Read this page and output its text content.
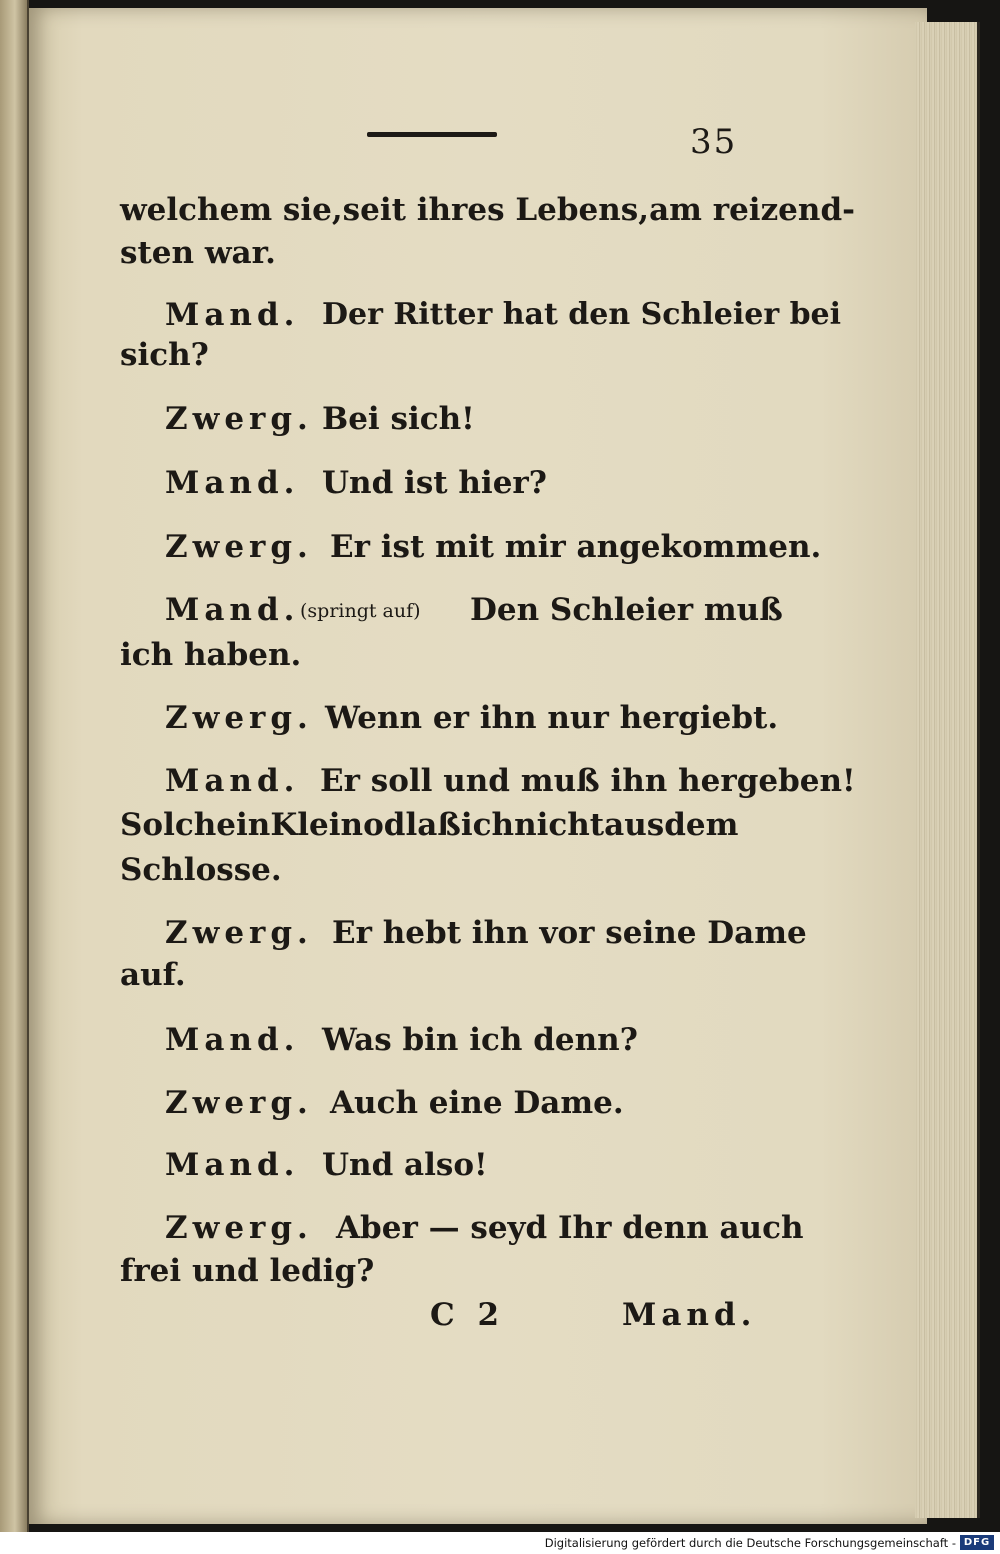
35
welchem sie, seit ihres Lebens, am reizend-
sten war.
Mand. Der Ritter hat den Schleier bei
sich?
Zwerg. Bei sich!
Mand. Und ist hier?
Zwerg. Er ist mit mir angekommen.
Mand. (springt auf) Den Schleier muß
ich haben.
Zwerg. Wenn er ihn nur hergiebt.
Mand. Er soll und muß ihn hergeben!
Solch ein Kleinod laß ich nicht aus dem
Schlosse.
Zwerg. Er hebt ihn vor seine Dame
auf.
Mand. Was bin ich denn?
Zwerg. Auch eine Dame.
Mand. Und also!
Zwerg. Aber — seyd Ihr denn auch
frei und ledig?
C 2	Mand.
Digitalisierung gefördert durch die Deutsche Forschungsgemeinschaft - DFG
